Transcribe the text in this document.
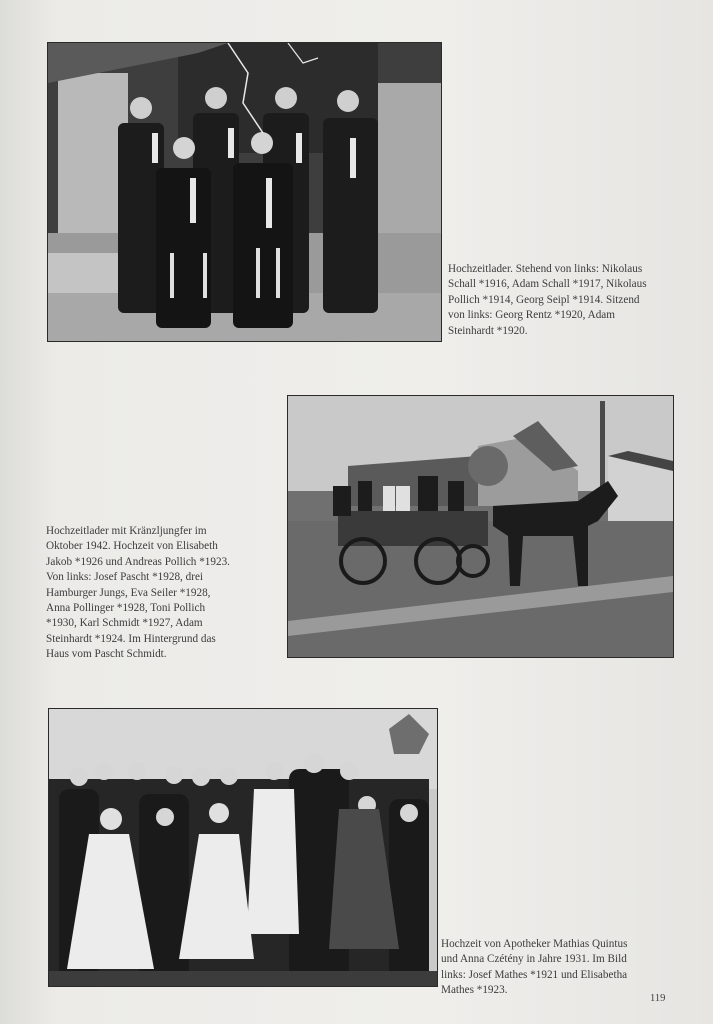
Hochzeitlader. Stehend von links: Nikolaus Schall *1916, Adam Schall *1917, Nikolaus Pollich *1914, Georg Seipl *1914. Sitzend von links: Georg Rentz *1920, Adam Steinhardt *1920.

Hochzeitlader mit Kränzljungfer im Oktober 1942. Hochzeit von Elisabeth Jakob *1926 und Andreas Pollich *1923. Von links: Josef Pascht *1928, drei Hamburger Jungs, Eva Seiler *1928, Anna Pollinger *1928, Toni Pollich *1930, Karl Schmidt *1927, Adam Steinhardt *1924. Im Hintergrund das Haus vom Pascht Schmidt.

Hochzeit von Apotheker Mathias Quintus und Anna Czétény in Jahre 1931. Im Bild links: Josef Mathes *1921 und Elisabetha Mathes *1923.

119
